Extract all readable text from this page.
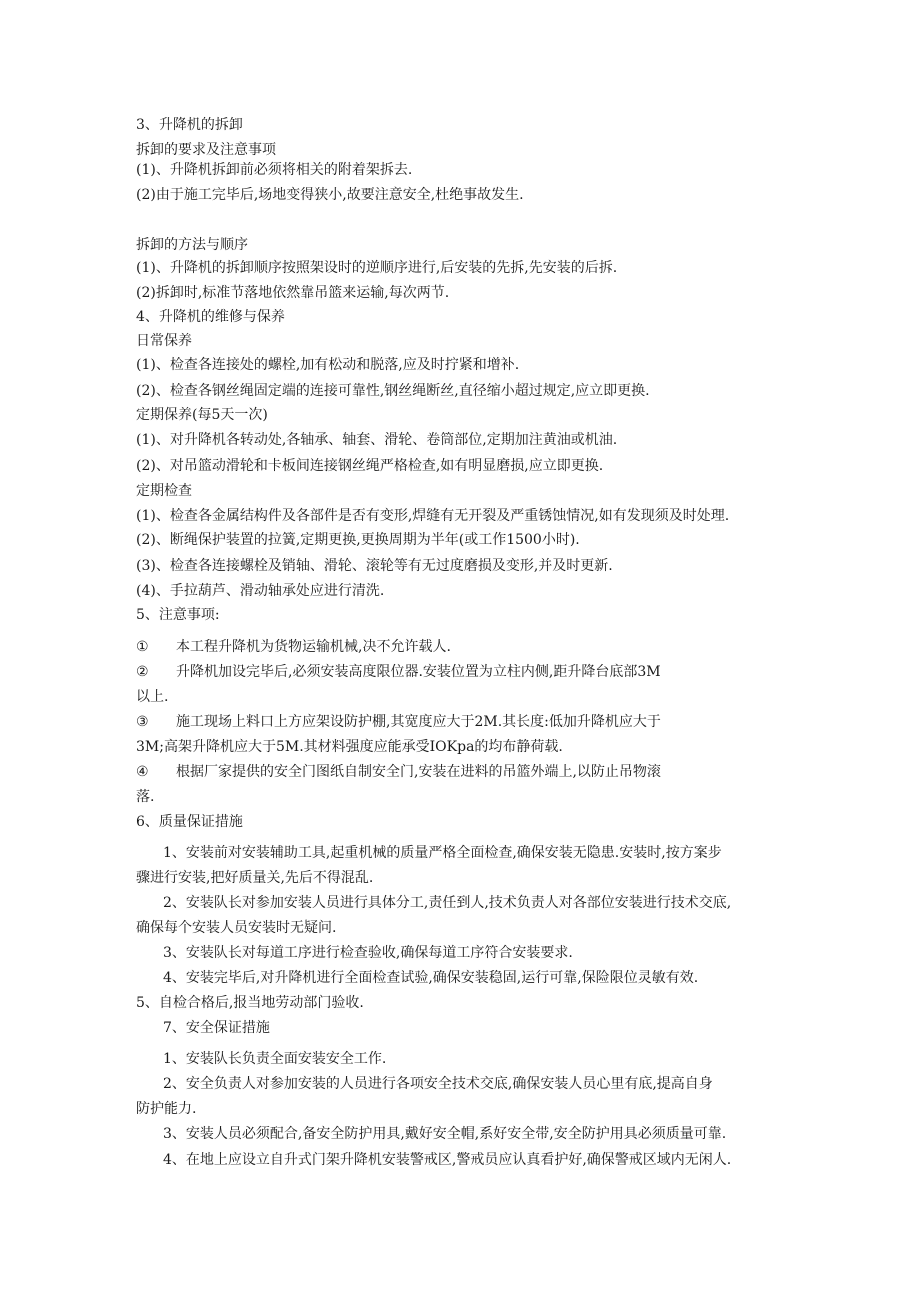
3、升降机的拆卸
拆卸的要求及注意事项
(1)、升降机拆卸前必须将相关的附着架拆去.
(2)由于施工完毕后,场地变得狭小,故要注意安全,杜绝事故发生.
拆卸的方法与顺序
(1)、升降机的拆卸顺序按照架设时的逆顺序进行,后安装的先拆,先安装的后拆.
(2)拆卸时,标准节落地依然靠吊篮来运输,每次两节.
4、升降机的维修与保养
日常保养
(1)、检查各连接处的螺栓,加有松动和脱落,应及时拧紧和增补.
(2)、检查各钢丝绳固定端的连接可靠性,钢丝绳断丝,直径缩小超过规定,应立即更换.
定期保养(每5天一次)
(1)、对升降机各转动处,各轴承、轴套、滑轮、卷筒部位,定期加注黄油或机油.
(2)、对吊篮动滑轮和卡板间连接钢丝绳严格检查,如有明显磨损,应立即更换.
定期检查
(1)、检查各金属结构件及各部件是否有变形,焊缝有无开裂及严重锈蚀情况,如有发现须及时处理.
(2)、断绳保护装置的拉簧,定期更换,更换周期为半年(或工作1500小时).
(3)、检查各连接螺栓及销轴、滑轮、滚轮等有无过度磨损及变形,并及时更新.
(4)、手拉葫芦、滑动轴承处应进行清洗.
5、注意事项:
① 本工程升降机为货物运输机械,决不允许载人.
② 升降机加设完毕后,必须安装高度限位器.安装位置为立柱内侧,距升降台底部3M
以上.
③ 施工现场上料口上方应架设防护棚,其宽度应大于2M.其长度:低加升降机应大于
3M;高架升降机应大于5M.其材料强度应能承受IOKpa的均布静荷载.
④ 根据厂家提供的安全门图纸自制安全门,安装在进料的吊篮外端上,以防止吊物滚
落.
6、质量保证措施
1、安装前对安装辅助工具,起重机械的质量严格全面检查,确保安装无隐患.安装时,按方案步
骤进行安装,把好质量关,先后不得混乱.
2、安装队长对参加安装人员进行具体分工,责任到人,技术负责人对各部位安装进行技术交底,
确保每个安装人员安装时无疑问.
3、安装队长对每道工序进行检查验收,确保每道工序符合安装要求.
4、安装完毕后,对升降机进行全面检查试验,确保安装稳固,运行可靠,保险限位灵敏有效.
5、自检合格后,报当地劳动部门验收.
7、安全保证措施
1、安装队长负责全面安装安全工作.
2、安全负责人对参加安装的人员进行各项安全技术交底,确保安装人员心里有底,提高自身
防护能力.
3、安装人员必须配合,备安全防护用具,戴好安全帽,系好安全带,安全防护用具必须质量可靠.
4、在地上应设立自升式门架升降机安装警戒区,警戒员应认真看护好,确保警戒区域内无闲人.
